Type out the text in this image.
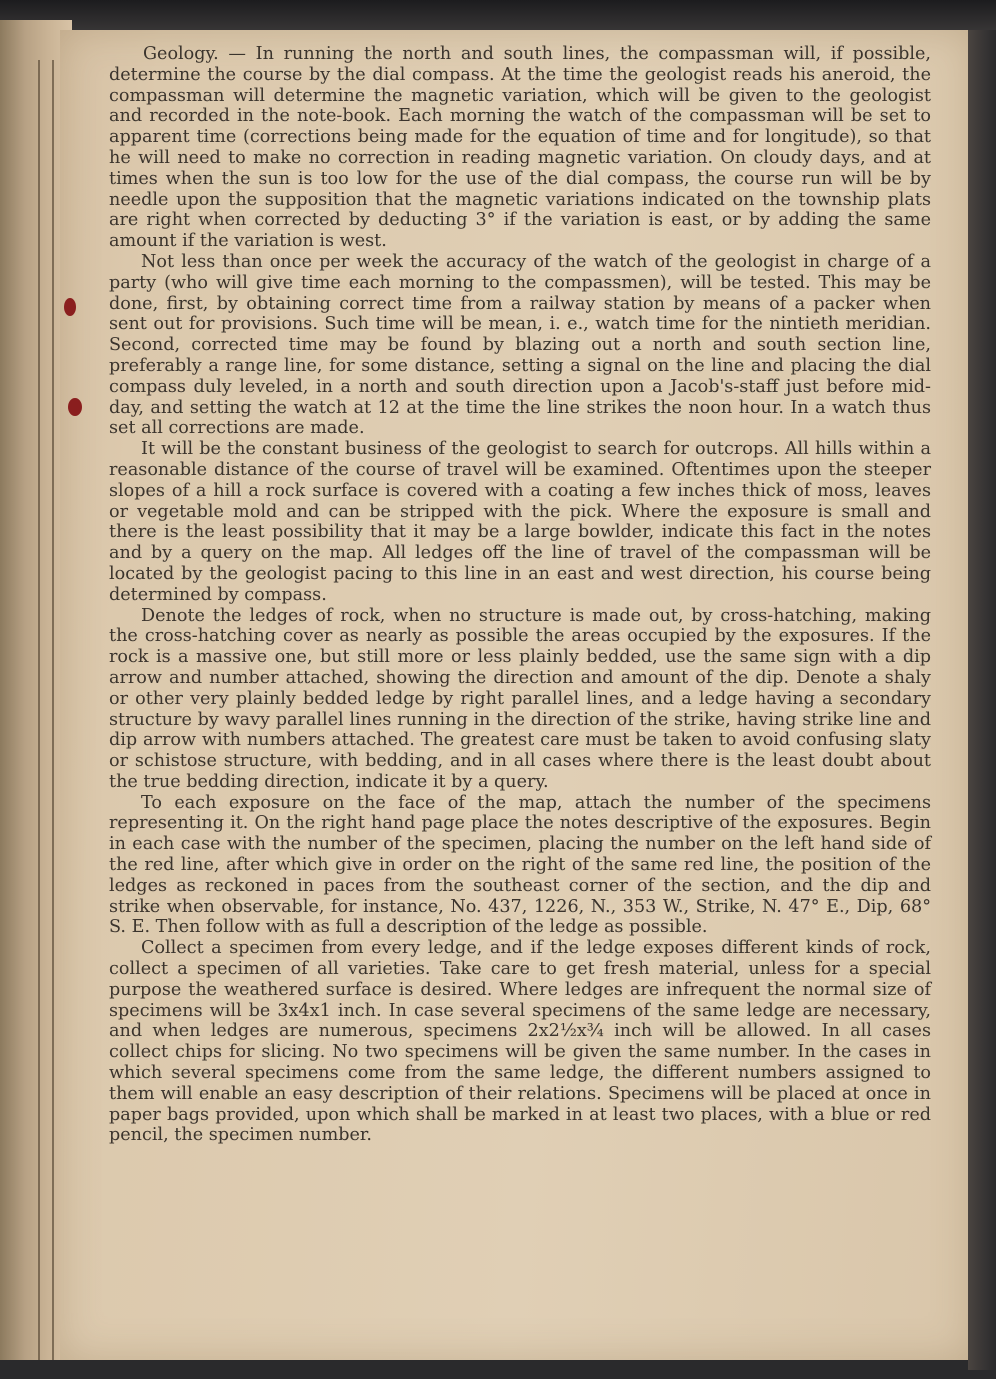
Geology. — In running the north and south lines, the compassman will, if possible, determine the course by the dial compass. At the time the geologist reads his aneroid, the compassman will determine the magnetic variation, which will be given to the geologist and recorded in the note-book. Each morning the watch of the compassman will be set to apparent time (corrections being made for the equation of time and for longitude), so that he will need to make no correction in reading magnetic variation. On cloudy days, and at times when the sun is too low for the use of the dial compass, the course run will be by needle upon the supposition that the magnetic variations indicated on the township plats are right when corrected by deducting 3° if the variation is east, or by adding the same amount if the variation is west.

Not less than once per week the accuracy of the watch of the geologist in charge of a party (who will give time each morning to the compassmen), will be tested. This may be done, first, by obtaining correct time from a railway station by means of a packer when sent out for provisions. Such time will be mean, i. e., watch time for the nintieth meridian. Second, corrected time may be found by blazing out a north and south section line, preferably a range line, for some distance, setting a signal on the line and placing the dial compass duly leveled, in a north and south direction upon a Jacob's-staff just before mid-day, and setting the watch at 12 at the time the line strikes the noon hour. In a watch thus set all corrections are made.

It will be the constant business of the geologist to search for outcrops. All hills within a reasonable distance of the course of travel will be examined. Oftentimes upon the steeper slopes of a hill a rock surface is covered with a coating a few inches thick of moss, leaves or vegetable mold and can be stripped with the pick. Where the exposure is small and there is the least possibility that it may be a large bowlder, indicate this fact in the notes and by a query on the map. All ledges off the line of travel of the compassman will be located by the geologist pacing to this line in an east and west direction, his course being determined by compass.

Denote the ledges of rock, when no structure is made out, by cross-hatching, making the cross-hatching cover as nearly as possible the areas occupied by the exposures. If the rock is a massive one, but still more or less plainly bedded, use the same sign with a dip arrow and number attached, showing the direction and amount of the dip. Denote a shaly or other very plainly bedded ledge by right parallel lines, and a ledge having a secondary structure by wavy parallel lines running in the direction of the strike, having strike line and dip arrow with numbers attached. The greatest care must be taken to avoid confusing slaty or schistose structure, with bedding, and in all cases where there is the least doubt about the true bedding direction, indicate it by a query.

To each exposure on the face of the map, attach the number of the specimens representing it. On the right hand page place the notes descriptive of the exposures. Begin in each case with the number of the specimen, placing the number on the left hand side of the red line, after which give in order on the right of the same red line, the position of the ledges as reckoned in paces from the southeast corner of the section, and the dip and strike when observable, for instance, No. 437, 1226, N., 353 W., Strike, N. 47° E., Dip, 68° S. E. Then follow with as full a description of the ledge as possible.

Collect a specimen from every ledge, and if the ledge exposes different kinds of rock, collect a specimen of all varieties. Take care to get fresh material, unless for a special purpose the weathered surface is desired. Where ledges are infrequent the normal size of specimens will be 3x4x1 inch. In case several specimens of the same ledge are necessary, and when ledges are numerous, specimens 2x2½x¾ inch will be allowed. In all cases collect chips for slicing. No two specimens will be given the same number. In the cases in which several specimens come from the same ledge, the different numbers assigned to them will enable an easy description of their relations. Specimens will be placed at once in paper bags provided, upon which shall be marked in at least two places, with a blue or red pencil, the specimen number.
